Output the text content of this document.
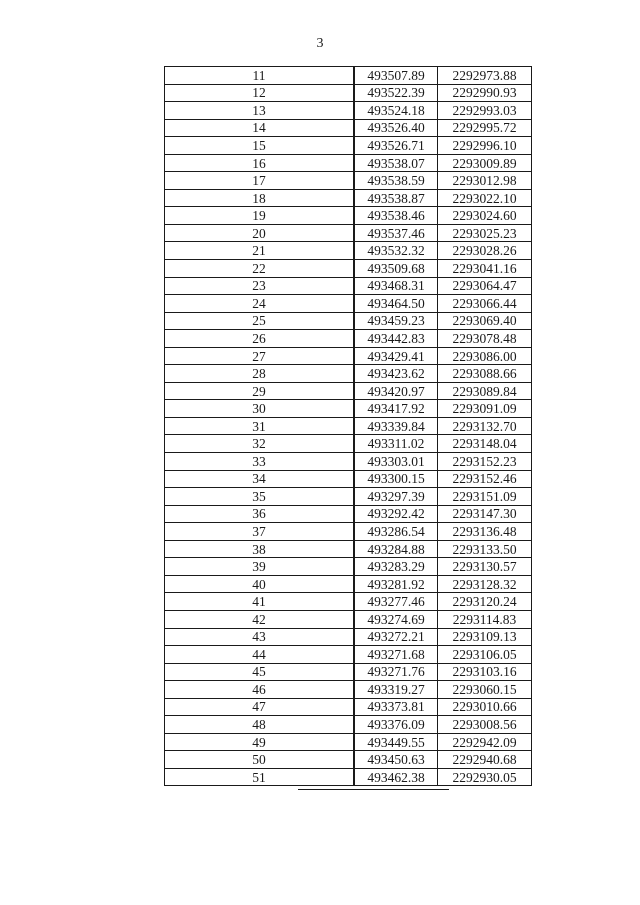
3
11	493507.89	2292973.88
12	493522.39	2292990.93
13	493524.18	2292993.03
14	493526.40	2292995.72
15	493526.71	2292996.10
16	493538.07	2293009.89
17	493538.59	2293012.98
18	493538.87	2293022.10
19	493538.46	2293024.60
20	493537.46	2293025.23
21	493532.32	2293028.26
22	493509.68	2293041.16
23	493468.31	2293064.47
24	493464.50	2293066.44
25	493459.23	2293069.40
26	493442.83	2293078.48
27	493429.41	2293086.00
28	493423.62	2293088.66
29	493420.97	2293089.84
30	493417.92	2293091.09
31	493339.84	2293132.70
32	493311.02	2293148.04
33	493303.01	2293152.23
34	493300.15	2293152.46
35	493297.39	2293151.09
36	493292.42	2293147.30
37	493286.54	2293136.48
38	493284.88	2293133.50
39	493283.29	2293130.57
40	493281.92	2293128.32
41	493277.46	2293120.24
42	493274.69	2293114.83
43	493272.21	2293109.13
44	493271.68	2293106.05
45	493271.76	2293103.16
46	493319.27	2293060.15
47	493373.81	2293010.66
48	493376.09	2293008.56
49	493449.55	2292942.09
50	493450.63	2292940.68
51	493462.38	2292930.05
